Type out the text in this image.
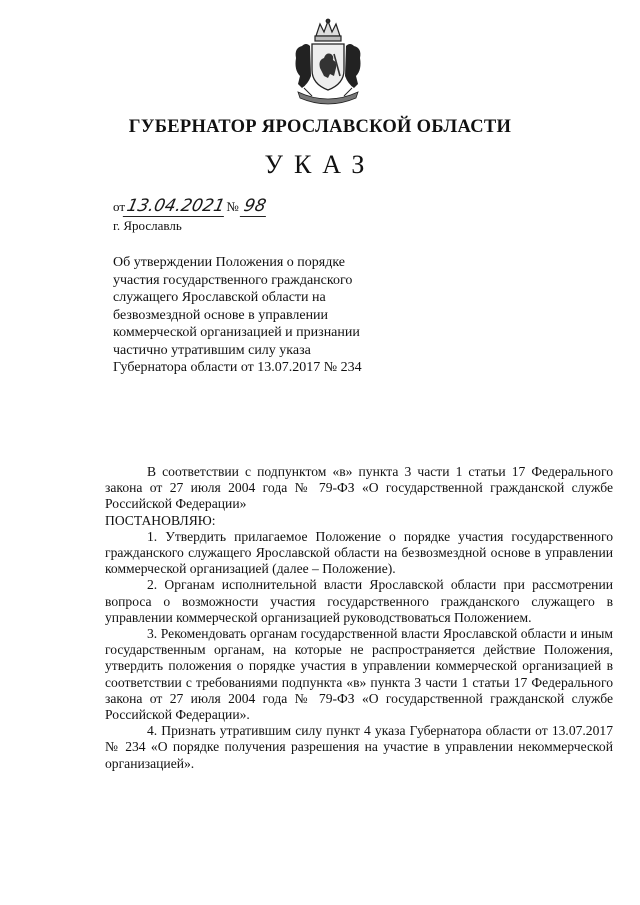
ГУБЕРНАТОР ЯРОСЛАВСКОЙ ОБЛАСТИ
УКАЗ
от13.04.2021№ 98
г. Ярославль
Об утверждении Положения о порядке участия государственного гражданского служащего Ярославской области на безвозмездной основе в управлении коммерческой организацией и признании частично утратившим силу указа Губернатора области от 13.07.2017 № 234

В соответствии с подпунктом «в» пункта 3 части 1 статьи 17 Федерального закона от 27 июля 2004 года № 79-ФЗ «О государственной гражданской службе Российской Федерации»

ПОСТАНОВЛЯЮ:

1. Утвердить прилагаемое Положение о порядке участия государственного гражданского служащего Ярославской области на безвозмездной основе в управлении коммерческой организацией (далее – Положение).

2. Органам исполнительной власти Ярославской области при рассмотрении вопроса о возможности участия государственного гражданского служащего в управлении коммерческой организацией руководствоваться Положением.

3. Рекомендовать органам государственной власти Ярославской области и иным государственным органам, на которые не распространяется действие Положения, утвердить положения о порядке участия в управлении коммерческой организацией в соответствии с требованиями подпункта «в» пункта 3 части 1 статьи 17 Федерального закона от 27 июля 2004 года № 79-ФЗ «О государственной гражданской службе Российской Федерации».

4. Признать утратившим силу пункт 4 указа Губернатора области от 13.07.2017 № 234 «О порядке получения разрешения на участие в управлении некоммерческой организацией».
